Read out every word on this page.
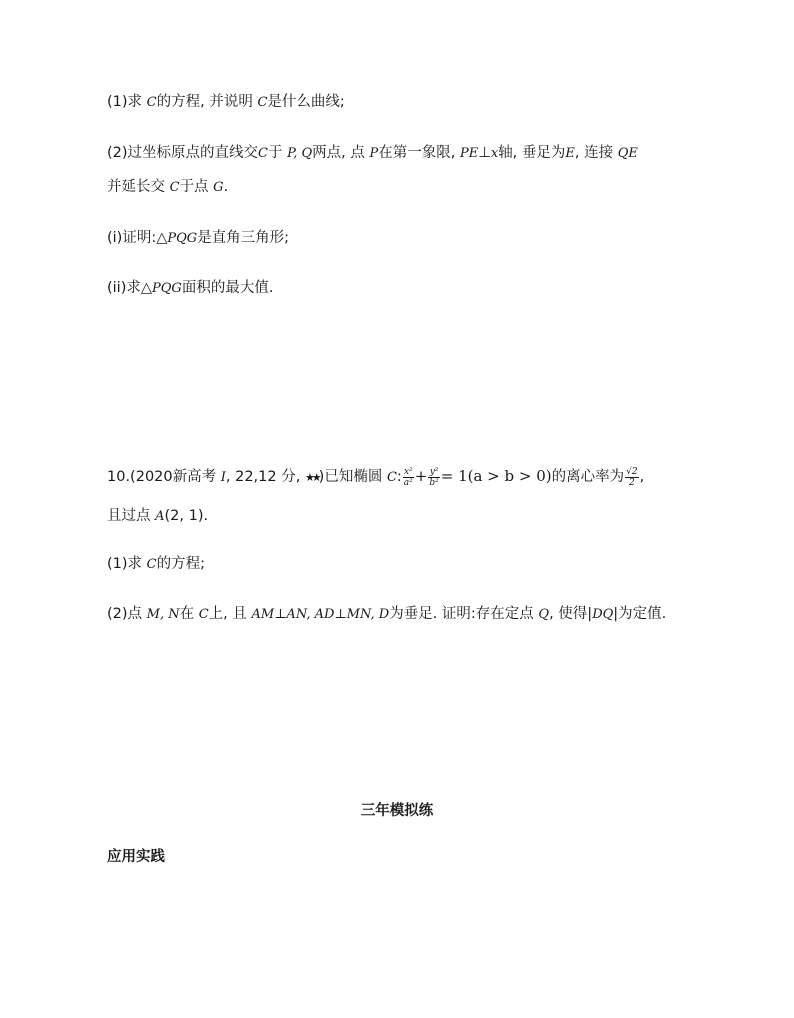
(1)求 C的方程, 并说明 C是什么曲线;
(2)过坐标原点的直线交C于 P, Q两点, 点 P在第一象限, PE⊥x轴, 垂足为E, 连接 QE
并延长交 C于点 G.
(i)证明:△PQG是直角三角形;
(ii)求△PQG面积的最大值.
10.(2020新高考 I, 22,12 分, ★★)已知椭圆 C: $\frac{\text{x²}}{\text{a²}} + \frac{\text{y²}}{\text{b²}} = 1(a > b > 0)$的离心率为 $\frac{√2}{2}$ ,
且过点 A(2, 1).
(1)求 C的方程;
(2)点 M, N在 C上, 且 AM⊥AN, AD⊥MN, D为垂足. 证明:存在定点 Q, 使得|DQ|为定值.
三年模拟练
应用实践
